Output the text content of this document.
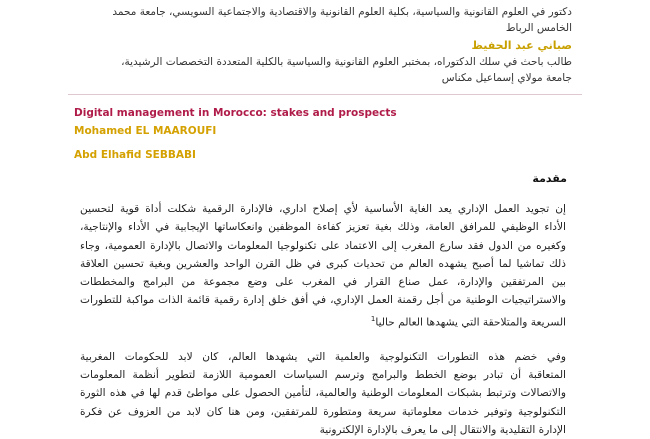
دكتور في العلوم القانونية والسياسية، بكلية العلوم القانونية والاقتصادية والاجتماعية السويسي، جامعة محمد

الخامس الرباط

صباني عبد الحفيظ

طالب باحث في سلك الدكتوراه، بمختبر العلوم القانونية والسياسية بالكلية المتعددة التخصصات الرشيدية،

جامعة مولاي إسماعيل مكناس

Digital management in Morocco: stakes and prospects

Mohamed EL MAAROUFI

Abd Elhafid SEBBABI

مقدمة

إن تجويد العمل الإداري يعد الغاية الأساسية لأي إصلاح اداري، فالإدارة الرقمية شكلت أداة قوية لتحسين
الأداء الوظيفي للمرافق العامة، وذلك بغية تعزيز كفاءة الموظفين وانعكاساتها الإيجابية في الأداء والإنتاجية،
وكغيره من الدول فقد سارع المغرب إلى الاعتماد على تكنولوجيا المعلومات والاتصال بالإدارة العمومية، وجاء
ذلك تماشيا لما أصبح يشهده العالم من تحديات كبرى في ظل القرن الواحد والعشرين وبغية تحسين العلاقة
بين المرتفقين والإدارة، عمل صناع القرار في المغرب على وضع مجموعة من البرامج والمخططات
والاستراتيجيات الوطنية من أجل رقمنة العمل الإداري، في أفق خلق إدارة رقمية قائمة الذات مواكبة للتطورات
السريعة والمتلاحقة التي يشهدها العالم حاليا$^1$

وفي خضم هذه التطورات التكنولوجية والعلمية التي يشهدها العالم، كان لابد للحكومات المغربية
المتعاقبة أن تبادر بوضع الخطط والبرامج وترسم السياسات العمومية اللازمة لتطوير أنظمة المعلومات
والاتصالات وترتبط بشبكات المعلومات الوطنية والعالمية، لتأمين الحصول على مواطئ قدم لها في هذه الثورة
التكنولوجية وتوفير خدمات معلوماتية سريعة ومتطورة للمرتفقين، ومن هنا كان لابد من العزوف عن فكرة
الإدارة التقليدية والانتقال إلى ما يعرف بالإدارة الإلكترونية
